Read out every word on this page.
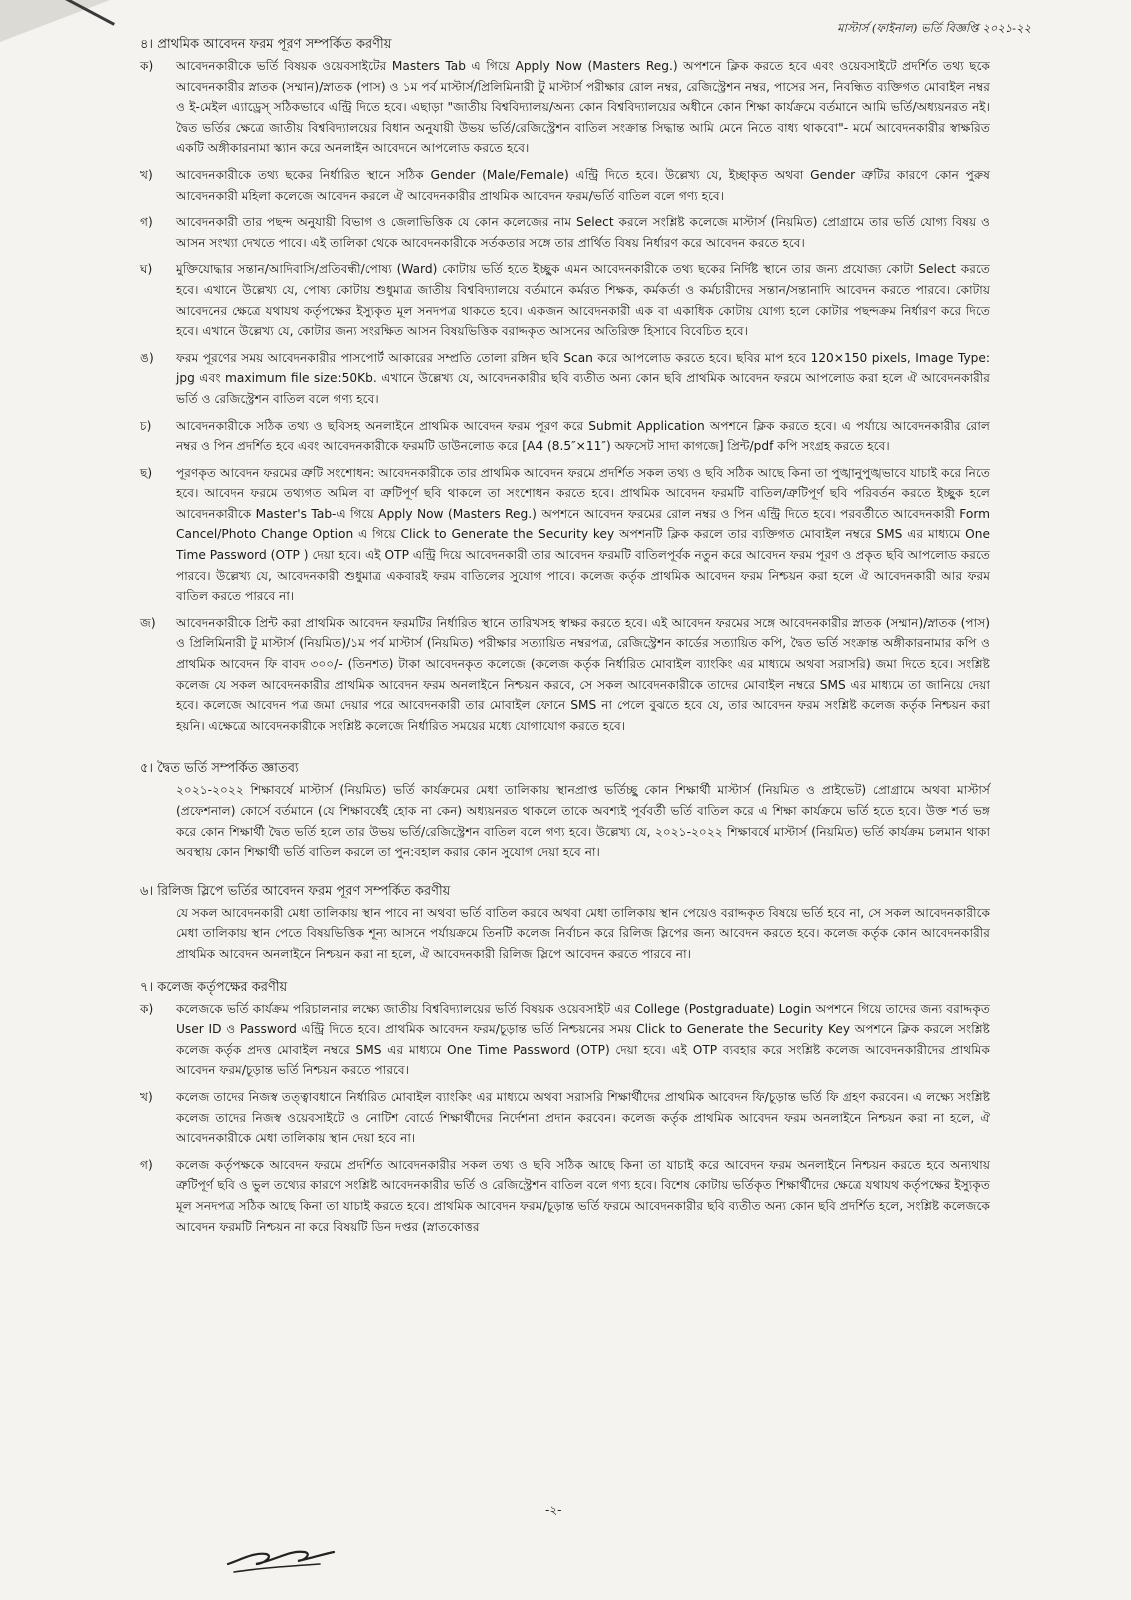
মাস্টার্স (ফাইনাল) ভর্তি বিজ্ঞপ্তি ২০২১-২২
৪। প্রাথমিক আবেদন ফরম পূরণ সম্পর্কিত করণীয়
ক)	আবেদনকারীকে ভর্তি বিষয়ক ওয়েবসাইটের Masters Tab এ গিয়ে Apply Now (Masters Reg.) অপশনে ক্লিক করতে হবে এবং ওয়েবসাইটে প্রদর্শিত তথ্য ছকে আবেদনকারীর স্নাতক (সম্মান)/স্নাতক (পাস) ও ১ম পর্ব মাস্টার্স/প্রিলিমিনারী টু মাস্টার্স পরীক্ষার রোল নম্বর, রেজিস্ট্রেশন নম্বর, পাসের সন, নিবন্ধিত ব্যক্তিগত মোবাইল নম্বর ও ই-মেইল এ্যাড্রেস্ সঠিকভাবে এন্ট্রি দিতে হবে। এছাড়া "জাতীয় বিশ্ববিদ্যালয়/অন্য কোন বিশ্ববিদ্যালয়ের অধীনে কোন শিক্ষা কার্যক্রমে বর্তমানে আমি ভর্তি/অধ্যয়নরত নই। দ্বৈত ভর্তির ক্ষেত্রে জাতীয় বিশ্ববিদ্যালয়ের বিধান অনুযায়ী উভয় ভর্তি/রেজিস্ট্রেশন বাতিল সংক্রান্ত সিদ্ধান্ত আমি মেনে নিতে বাধ্য থাকবো"- মর্মে আবেদনকারীর স্বাক্ষরিত একটি অঙ্গীকারনামা স্ক্যান করে অনলাইন আবেদনে আপলোড করতে হবে।
খ)	আবেদনকারীকে তথ্য ছকের নির্ধারিত স্থানে সঠিক Gender (Male/Female) এন্ট্রি দিতে হবে। উল্লেখ্য যে, ইচ্ছাকৃত অথবা Gender ত্রুটির কারণে কোন পুরুষ আবেদনকারী মহিলা কলেজে আবেদন করলে ঐ আবেদনকারীর প্রাথমিক আবেদন ফরম/ভর্তি বাতিল বলে গণ্য হবে।
গ)	আবেদনকারী তার পছন্দ অনুযায়ী বিভাগ ও জেলাভিত্তিক যে কোন কলেজের নাম Select করলে সংশ্লিষ্ট কলেজে মাস্টার্স (নিয়মিত) প্রোগ্রামে তার ভর্তি যোগ্য বিষয় ও আসন সংখ্যা দেখতে পাবে। এই তালিকা থেকে আবেদনকারীকে সর্তকতার সঙ্গে তার প্রার্থিত বিষয় নির্ধারণ করে আবেদন করতে হবে।
ঘ)	মুক্তিযোদ্ধার সন্তান/আদিবাসি/প্রতিবন্ধী/পোষ্য (Ward) কোটায় ভর্তি হতে ইচ্ছুক এমন আবেদনকারীকে তথ্য ছকের নির্দিষ্ট স্থানে তার জন্য প্রযোজ্য কোটা Select করতে হবে। এখানে উল্লেখ্য যে, পোষ্য কোটায় শুধুমাত্র জাতীয় বিশ্ববিদ্যালয়ে বর্তমানে কর্মরত শিক্ষক, কর্মকর্তা ও কর্মচারীদের সন্তান/সন্তানাদি আবেদন করতে পারবে। কোটায় আবেদনের ক্ষেত্রে যথাযথ কর্তৃপক্ষের ইস্যুকৃত মূল সনদপত্র থাকতে হবে। একজন আবেদনকারী এক বা একাধিক কোটায় যোগ্য হলে কোটার পছন্দক্রম নির্ধারণ করে দিতে হবে। এখানে উল্লেখ্য যে, কোটার জন্য সংরক্ষিত আসন বিষয়ভিত্তিক বরাদ্দকৃত আসনের অতিরিক্ত হিসাবে বিবেচিত হবে।
ঙ)	ফরম পূরণের সময় আবেদনকারীর পাসপোর্ট আকারের সম্প্রতি তোলা রঙ্গিন ছবি Scan করে আপলোড করতে হবে। ছবির মাপ হবে 120×150 pixels, Image Type: jpg এবং maximum file size:50Kb. এখানে উল্লেখ্য যে, আবেদনকারীর ছবি ব্যতীত অন্য কোন ছবি প্রাথমিক আবেদন ফরমে আপলোড করা হলে ঐ আবেদনকারীর ভর্তি ও রেজিস্ট্রেশন বাতিল বলে গণ্য হবে।
চ)	আবেদনকারীকে সঠিক তথ্য ও ছবিসহ অনলাইনে প্রাথমিক আবেদন ফরম পূরণ করে Submit Application অপশনে ক্লিক করতে হবে। এ পর্যায়ে আবেদনকারীর রোল নম্বর ও পিন প্রদর্শিত হবে এবং আবেদনকারীকে ফরমটি ডাউনলোড করে [A4 (8.5″×11″) অফসেট সাদা কাগজে] প্রিন্ট/pdf কপি সংগ্রহ করতে হবে।
ছ)	পূরণকৃত আবেদন ফরমের ত্রুটি সংশোধন: আবেদনকারীকে তার প্রাথমিক আবেদন ফরমে প্রদর্শিত সকল তথ্য ও ছবি সঠিক আছে কিনা তা পুঙ্খানুপুঙ্খভাবে যাচাই করে নিতে হবে। আবেদন ফরমে তথ্যগত অমিল বা ত্রুটিপূর্ণ ছবি থাকলে তা সংশোধন করতে হবে। প্রাথমিক আবেদন ফরমটি বাতিল/ত্রুটিপূর্ণ ছবি পরিবর্তন করতে ইচ্ছুক হলে আবেদনকারীকে Master's Tab-এ গিয়ে Apply Now (Masters Reg.) অপশনে আবেদন ফরমের রোল নম্বর ও পিন এন্ট্রি দিতে হবে। পরবর্তীতে আবেদনকারী Form Cancel/Photo Change Option এ গিয়ে Click to Generate the Security key অপশনটি ক্লিক করলে তার ব্যক্তিগত মোবাইল নম্বরে SMS এর মাধ্যমে One Time Password (OTP ) দেয়া হবে। এই OTP এন্ট্রি দিয়ে আবেদনকারী তার আবেদন ফরমটি বাতিলপূর্বক নতুন করে আবেদন ফরম পূরণ ও প্রকৃত ছবি আপলোড করতে পারবে। উল্লেখ্য যে, আবেদনকারী শুধুমাত্র একবারই ফরম বাতিলের সুযোগ পাবে। কলেজ কর্তৃক প্রাথমিক আবেদন ফরম নিশ্চয়ন করা হলে ঐ আবেদনকারী আর ফরম বাতিল করতে পারবে না।
জ)	আবেদনকারীকে প্রিন্ট করা প্রাথমিক আবেদন ফরমটির নির্ধারিত স্থানে তারিখসহ স্বাক্ষর করতে হবে। এই আবেদন ফরমের সঙ্গে আবেদনকারীর স্নাতক (সম্মান)/স্নাতক (পাস) ও প্রিলিমিনারী টু মাস্টার্স (নিয়মিত)/১ম পর্ব মাস্টার্স (নিয়মিত) পরীক্ষার সত্যায়িত নম্বরপত্র, রেজিস্ট্রেশন কার্ডের সত্যায়িত কপি, দ্বৈত ভর্তি সংক্রান্ত অঙ্গীকারনামার কপি ও প্রাথমিক আবেদন ফি বাবদ ৩০০/- (তিনশত) টাকা আবেদনকৃত কলেজে (কলেজ কর্তৃক নির্ধারিত মোবাইল ব্যাংকিং এর মাধ্যমে অথবা সরাসরি) জমা দিতে হবে। সংশ্লিষ্ট কলেজ যে সকল আবেদনকারীর প্রাথমিক আবেদন ফরম অনলাইনে নিশ্চয়ন করবে, সে সকল আবেদনকারীকে তাদের মোবাইল নম্বরে SMS এর মাধ্যমে তা জানিয়ে দেয়া হবে। কলেজে আবেদন পত্র জমা দেয়ার পরে আবেদনকারী তার মোবাইল ফোনে SMS না পেলে বুঝতে হবে যে, তার আবেদন ফরম সংশ্লিষ্ট কলেজ কর্তৃক নিশ্চয়ন করা হয়নি। এক্ষেত্রে আবেদনকারীকে সংশ্লিষ্ট কলেজে নির্ধারিত সময়ের মধ্যে যোগাযোগ করতে হবে।
৫। দ্বৈত ভর্তি সম্পর্কিত জ্ঞাতব্য
২০২১-২০২২ শিক্ষাবর্ষে মাস্টার্স (নিয়মিত) ভর্তি কার্যক্রমের মেধা তালিকায় স্থানপ্রাপ্ত ভর্তিচ্ছু কোন শিক্ষার্থী মাস্টার্স (নিয়মিত ও প্রাইভেট) প্রোগ্রামে অথবা মাস্টার্স (প্রফেশনাল) কোর্সে বর্তমানে (যে শিক্ষাবর্ষেই হোক না কেন) অধ্যয়নরত থাকলে তাকে অবশ্যই পূর্ববর্তী ভর্তি বাতিল করে এ শিক্ষা কার্যক্রমে ভর্তি হতে হবে। উক্ত শর্ত ভঙ্গ করে কোন শিক্ষার্থী দ্বৈত ভর্তি হলে তার উভয় ভর্তি/রেজিস্ট্রেশন বাতিল বলে গণ্য হবে। উল্লেখ্য যে, ২০২১-২০২২ শিক্ষাবর্ষে মাস্টার্স (নিয়মিত) ভর্তি কার্যক্রম চলমান থাকা অবস্থায় কোন শিক্ষার্থী ভর্তি বাতিল করলে তা পুন:বহাল করার কোন সুযোগ দেয়া হবে না।
৬। রিলিজ স্লিপে ভর্তির আবেদন ফরম পূরণ সম্পর্কিত করণীয়
যে সকল আবেদনকারী মেধা তালিকায় স্থান পাবে না অথবা ভর্তি বাতিল করবে অথবা মেধা তালিকায় স্থান পেয়েও বরাদ্দকৃত বিষয়ে ভর্তি হবে না, সে সকল আবেদনকারীকে মেধা তালিকায় স্থান পেতে বিষয়ভিত্তিক শূন্য আসনে পর্যায়ক্রমে তিনটি কলেজ নির্বাচন করে রিলিজ স্লিপের জন্য আবেদন করতে হবে। কলেজ কর্তৃক কোন আবেদনকারীর প্রাথমিক আবেদন অনলাইনে নিশ্চয়ন করা না হলে, ঐ আবেদনকারী রিলিজ স্লিপে আবেদন করতে পারবে না।
৭। কলেজ কর্তৃপক্ষের করণীয়
ক)	কলেজকে ভর্তি কার্যক্রম পরিচালনার লক্ষ্যে জাতীয় বিশ্ববিদ্যালয়ের ভর্তি বিষয়ক ওয়েবসাইট এর College (Postgraduate) Login অপশনে গিয়ে তাদের জন্য বরাদ্দকৃত User ID ও Password এন্ট্রি দিতে হবে। প্রাথমিক আবেদন ফরম/চূড়ান্ত ভর্তি নিশ্চয়নের সময় Click to Generate the Security Key অপশনে ক্লিক করলে সংশ্লিষ্ট কলেজ কর্তৃক প্রদত্ত মোবাইল নম্বরে SMS এর মাধ্যমে One Time Password (OTP) দেয়া হবে। এই OTP ব্যবহার করে সংশ্লিষ্ট কলেজ আবেদনকারীদের প্রাথমিক আবেদন ফরম/চূড়ান্ত ভর্তি নিশ্চয়ন করতে পারবে।
খ)	কলেজ তাদের নিজস্ব তত্ত্বাবধানে নির্ধারিত মোবাইল ব্যাংকিং এর মাধ্যমে অথবা সরাসরি শিক্ষার্থীদের প্রাথমিক আবেদন ফি/চূড়ান্ত ভর্তি ফি গ্রহণ করবেন। এ লক্ষ্যে সংশ্লিষ্ট কলেজ তাদের নিজস্ব ওয়েবসাইটে ও নোটিশ বোর্ডে শিক্ষার্থীদের নির্দেশনা প্রদান করবেন। কলেজ কর্তৃক প্রাথমিক আবেদন ফরম অনলাইনে নিশ্চয়ন করা না হলে, ঐ আবেদনকারীকে মেধা তালিকায় স্থান দেয়া হবে না।
গ)	কলেজ কর্তৃপক্ষকে আবেদন ফরমে প্রদর্শিত আবেদনকারীর সকল তথ্য ও ছবি সঠিক আছে কিনা তা যাচাই করে আবেদন ফরম অনলাইনে নিশ্চয়ন করতে হবে অন্যথায় ত্রুটিপূর্ণ ছবি ও ভুল তথ্যের কারণে সংশ্লিষ্ট আবেদনকারীর ভর্তি ও রেজিস্ট্রেশন বাতিল বলে গণ্য হবে। বিশেষ কোটায় ভর্তিকৃত শিক্ষার্থীদের ক্ষেত্রে যথাযথ কর্তৃপক্ষের ইস্যুকৃত মূল সনদপত্র সঠিক আছে কিনা তা যাচাই করতে হবে। প্রাথমিক আবেদন ফরম/চূড়ান্ত ভর্তি ফরমে আবেদনকারীর ছবি ব্যতীত অন্য কোন ছবি প্রদর্শিত হলে, সংশ্লিষ্ট কলেজকে আবেদন ফরমটি নিশ্চয়ন না করে বিষয়টি ডিন দপ্তর (স্নাতকোত্তর
-২-
